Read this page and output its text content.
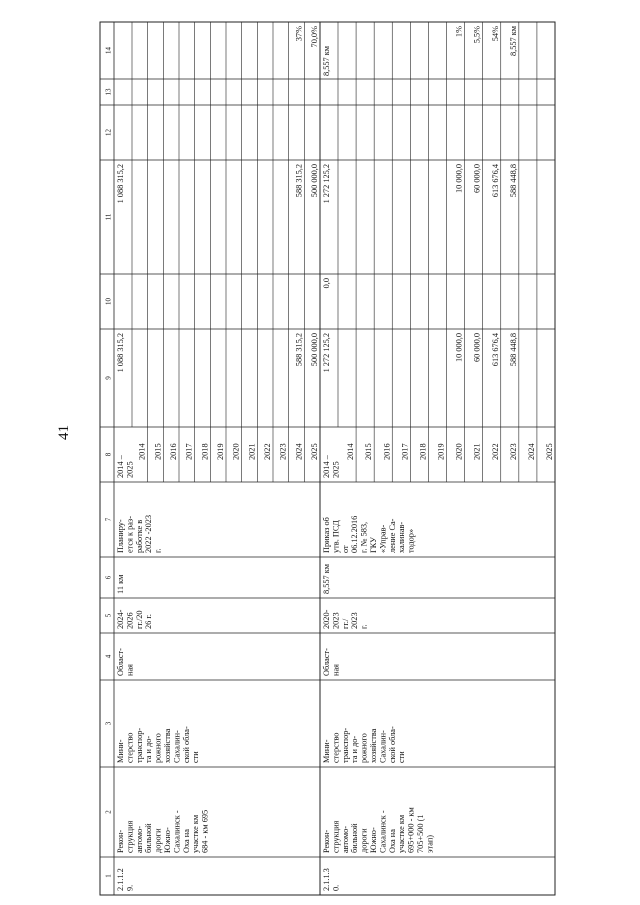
41
1
2
3
4
5
6
7
8
9
10
11
12
13
14
2.1.1.29.
Рекон-струкцияавтомо-бильнойдорогиЮжно-Сахалинск -Оха научастке км684 - км 695
Мини-стерствотранспор-та и до-рожногохозяйстваСахалин-ской обла-сти
Област-ная
2024-2026гг./2026 г.
11 км
Планиру-ется к раз-работке в2022 -2023г.
2014 –2025
1 088 315,2
1 088 315,2
2014 2015 2016 2017 2018 2019 2020 2021 2022 2023 2024
588 315,2
588 315,2
37%
2025
500 000,0
500 000,0
70,0%
2.1.1.30.
Рекон-струкцияавтомо-бильнойдорогиЮжно-Сахалинск -Оха научастке км695+000 - км705+500 (1этап)
Мини-стерствотранспор-та и до-рожногохозяйстваСахалин-ской обла-сти
Област-ная
2020-2023гг./2023г.
8,557 км
Приказ обутв. ПСДот06.12.2016г. № 583,ГКУ«Управ-ление Са-халинав-тодор»
2014 –2025
1 272 125,2
0,0
1 272 125,2
8,557 км
2014 2015 2016 2017 2018 2019 2020
10 000,0
10 000,0
1%
2021
60 000,0
60 000,0
5,5%
2022
613 676,4
613 676,4
54%
2023
588 448,8
588 448,8
8,557 км
2024 2025
